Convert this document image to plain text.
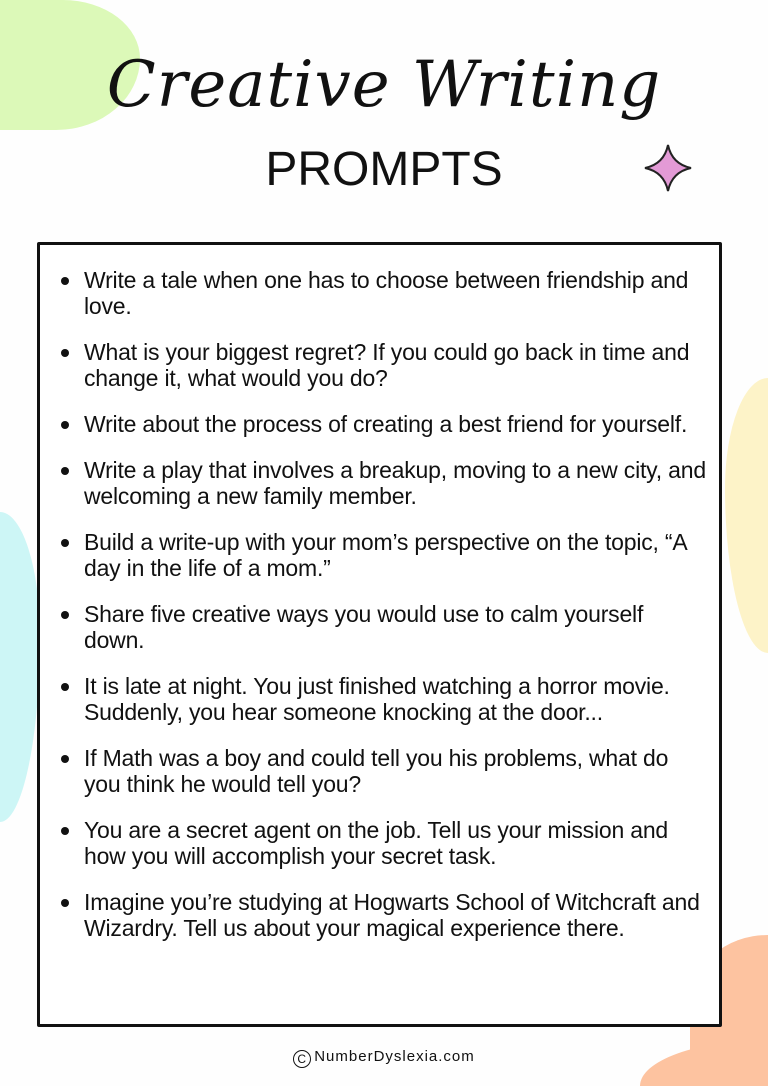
Creative Writing
PROMPTS
Write a tale when one has to choose between friendship and love.
What is your biggest regret? If you could go back in time and change it, what would you do?
Write about the process of creating a best friend for yourself.
Write a play that involves a breakup, moving to a new city, and welcoming a new family member.
Build a write-up with your mom’s perspective on the topic, “A day in the life of a mom.”
Share five creative ways you would use to calm yourself down.
It is late at night. You just finished watching a horror movie. Suddenly, you hear someone knocking at the door...
If Math was a boy and could tell you his problems, what do you think he would tell you?
You are a secret agent on the job. Tell us your mission and how you will accomplish your secret task.
Imagine you’re studying at Hogwarts School of Witchcraft and Wizardry. Tell us about your magical experience there.
C NumberDyslexia.com
